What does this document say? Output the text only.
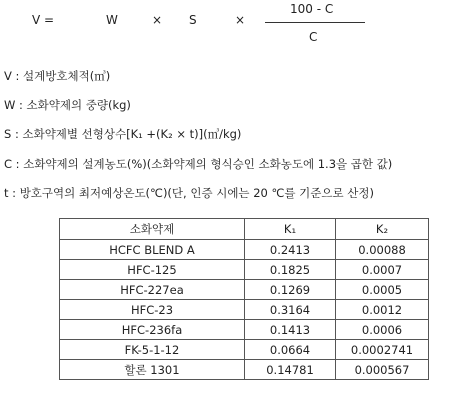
V =	W	× S	×
100 - C
C
V : 설계방호체적(㎥)
W : 소화약제의 중량(kg)
S : 소화약제별 선형상수[K₁ +(K₂ × t)](㎥/kg)
C : 소화약제의 설계농도(%)(소화약제의 형식승인 소화농도에 1.3을 곱한 값)
t : 방호구역의 최저예상온도(℃)(단, 인증 시에는 20 ℃를 기준으로 산정)
소화약제	K₁	K₂
HCFC BLEND A	0.2413	0.00088
HFC-125	0.1825	0.0007
HFC-227ea	0.1269	0.0005
HFC-23	0.3164	0.0012
HFC-236fa	0.1413	0.0006
FK-5-1-12	0.0664	0.0002741
할론 1301	0.14781	0.000567
